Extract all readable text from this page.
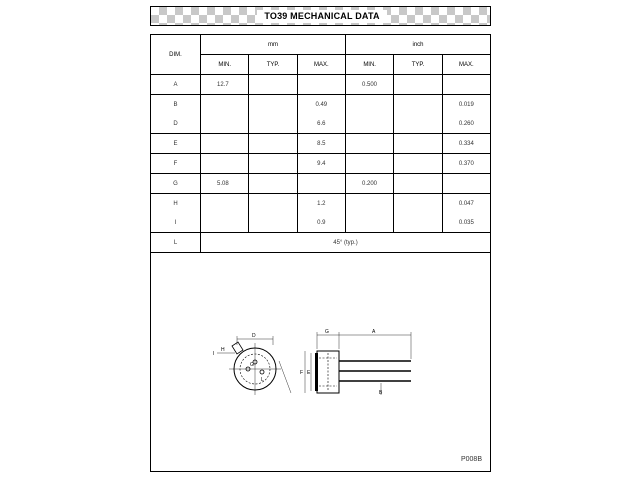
TO39 MECHANICAL DATA
DIM.	mm			inch		
	MIN.	TYP.	MAX.	MIN.	TYP.	MAX.
A	12.7			0.500		
B			0.49			0.019
D			6.6			0.260
E			8.5			0.334
F			9.4			0.370
G	5.08			0.200		
H			1.2			0.047
I			0.9			0.035
L	45° (typ.)					
D
I
H
G
L
G	A
F E
B
P008B
